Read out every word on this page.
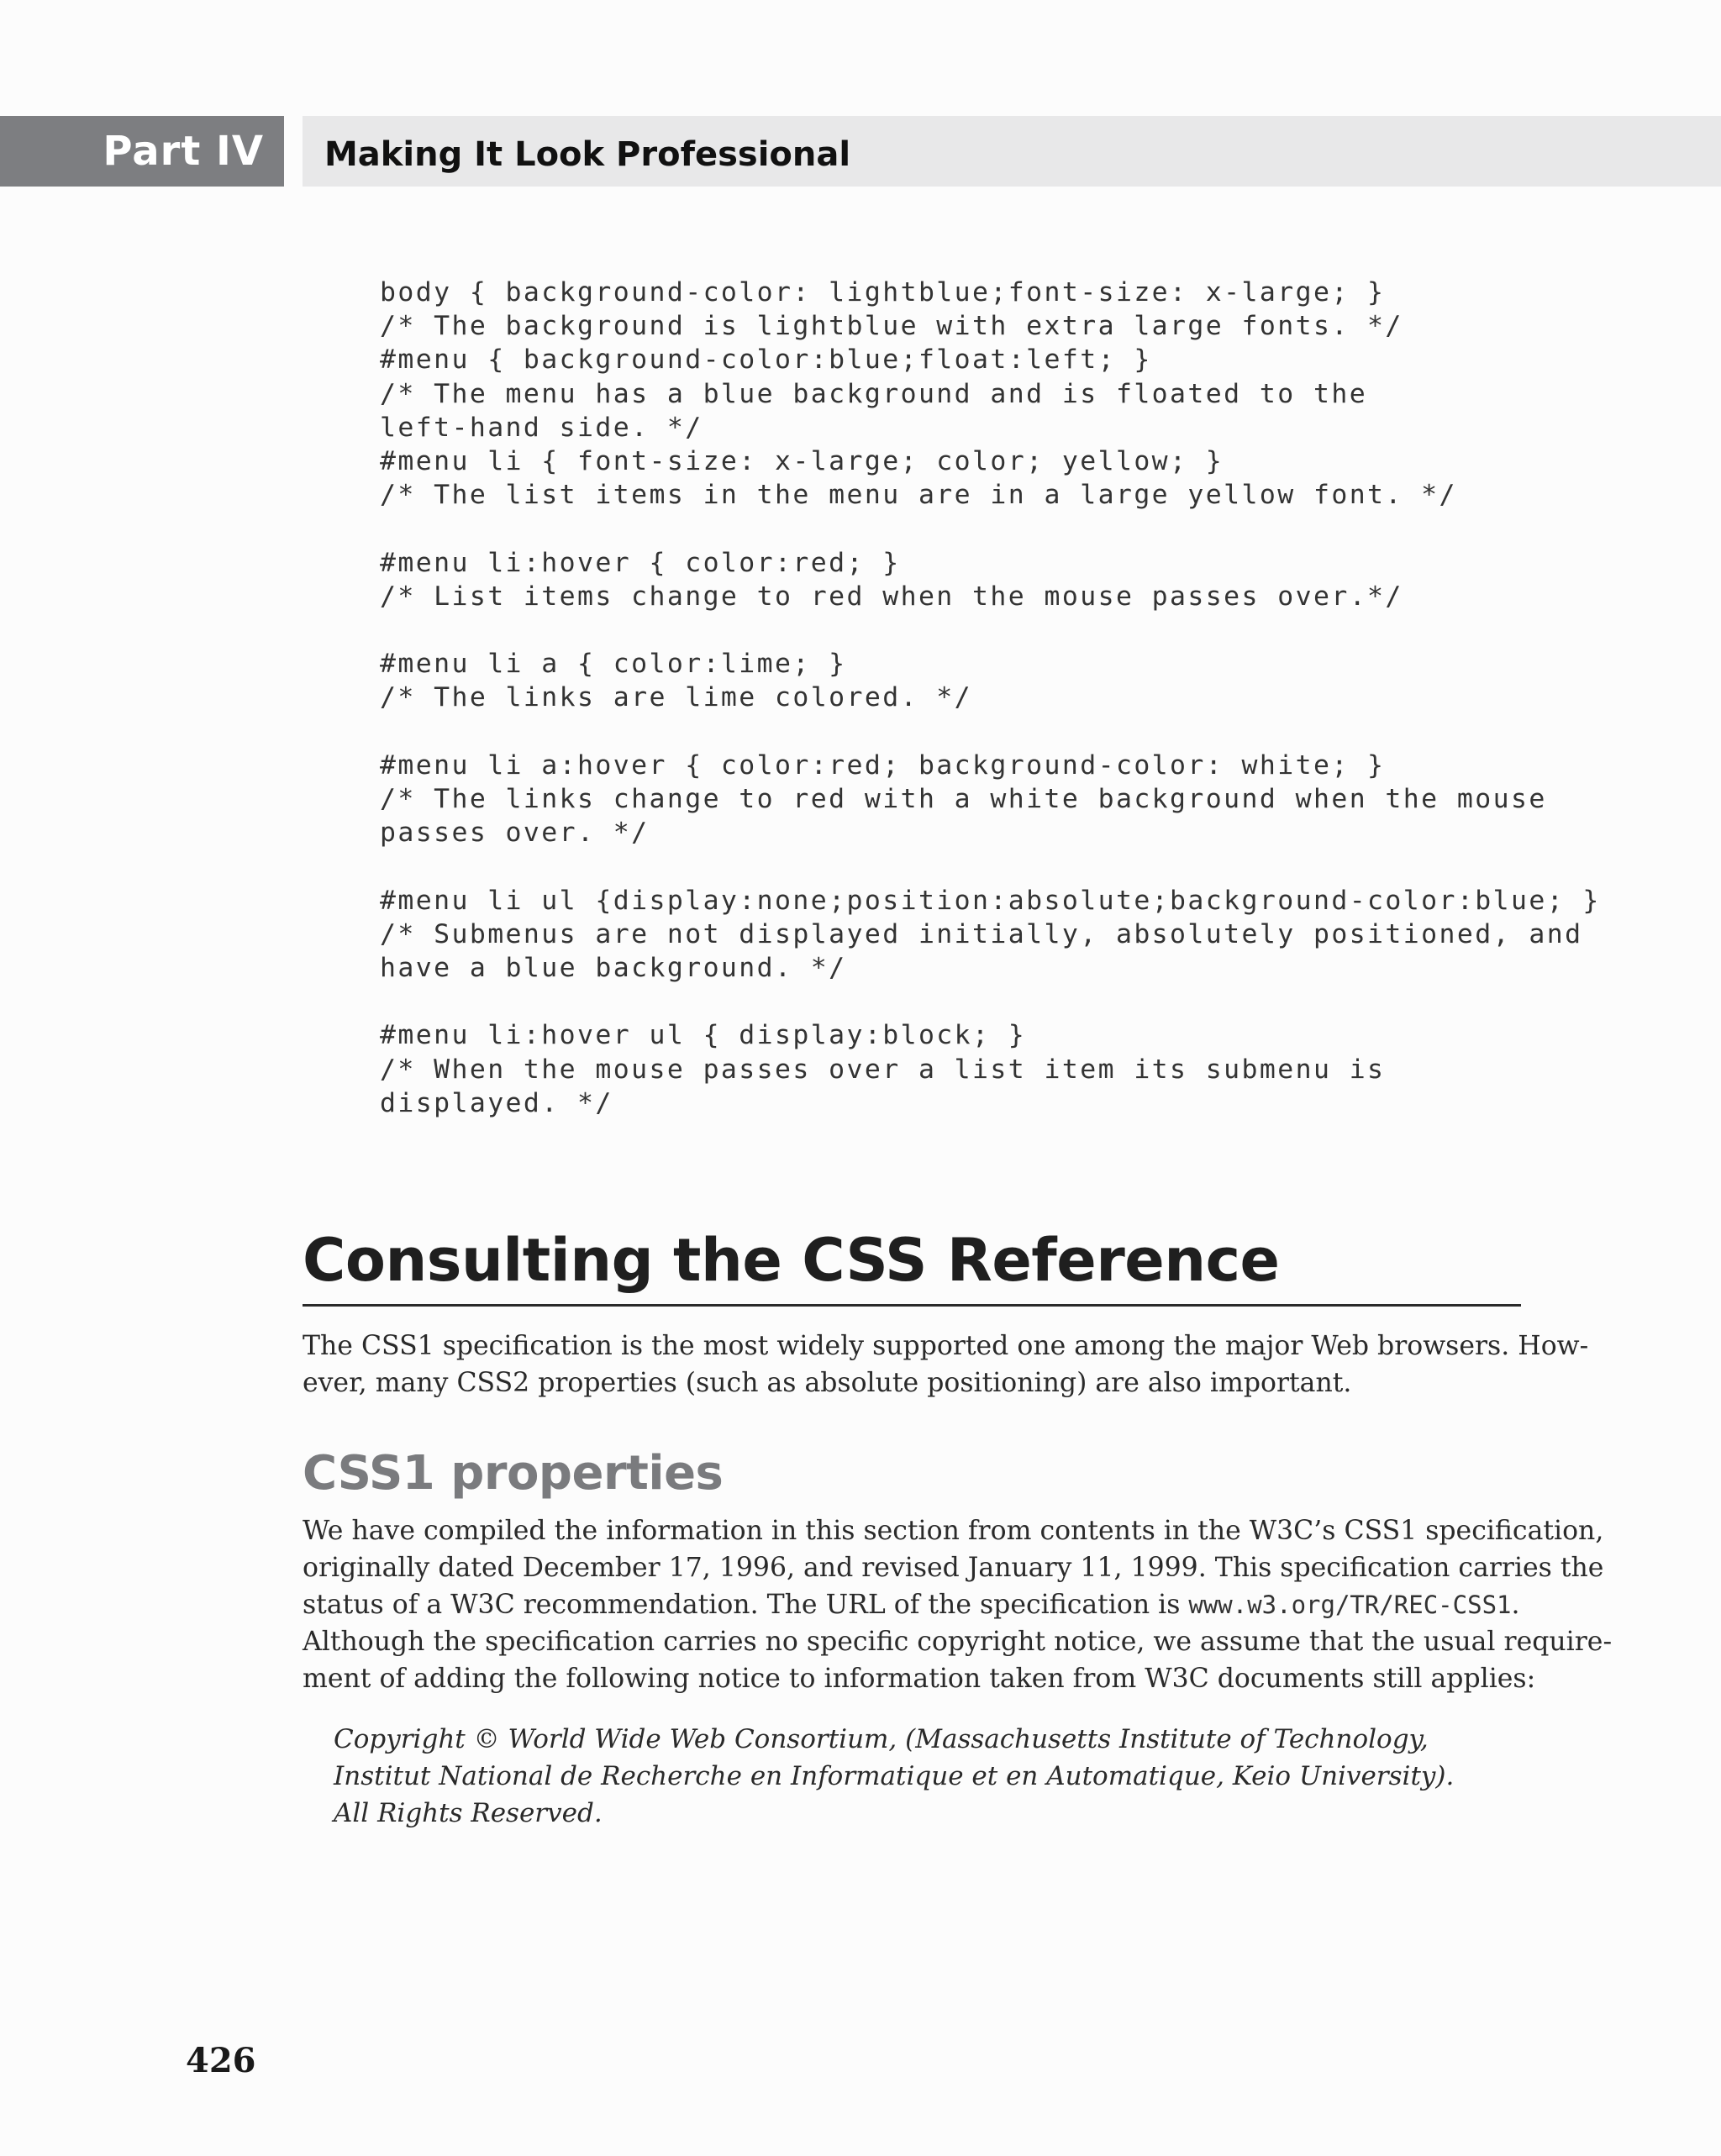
Part IV	Making It Look Professional
body { background-color: lightblue;font-size: x-large; }
/* The background is lightblue with extra large fonts. */
#menu { background-color:blue;float:left; }
/* The menu has a blue background and is floated to the
left-hand side. */
#menu li { font-size: x-large; color; yellow; }
/* The list items in the menu are in a large yellow font. */

#menu li:hover { color:red; }
/* List items change to red when the mouse passes over.*/

#menu li a { color:lime; }
/* The links are lime colored. */

#menu li a:hover { color:red; background-color: white; }
/* The links change to red with a white background when the mouse
passes over. */

#menu li ul {display:none;position:absolute;background-color:blue; }
/* Submenus are not displayed initially, absolutely positioned, and
have a blue background. */

#menu li:hover ul { display:block; }
/* When the mouse passes over a list item its submenu is
displayed. */
Consulting the CSS Reference

The CSS1 specification is the most widely supported one among the major Web browsers. How-
ever, many CSS2 properties (such as absolute positioning) are also important.

CSS1 properties

We have compiled the information in this section from contents in the W3C’s CSS1 specification,
originally dated December 17, 1996, and revised January 11, 1999. This specification carries the
status of a W3C recommendation. The URL of the specification is www.w3.org/TR/REC-CSS1.
Although the specification carries no specific copyright notice, we assume that the usual require-
ment of adding the following notice to information taken from W3C documents still applies:

Copyright © World Wide Web Consortium, (Massachusetts Institute of Technology,
Institut National de Recherche en Informatique et en Automatique, Keio University).
All Rights Reserved.

426
